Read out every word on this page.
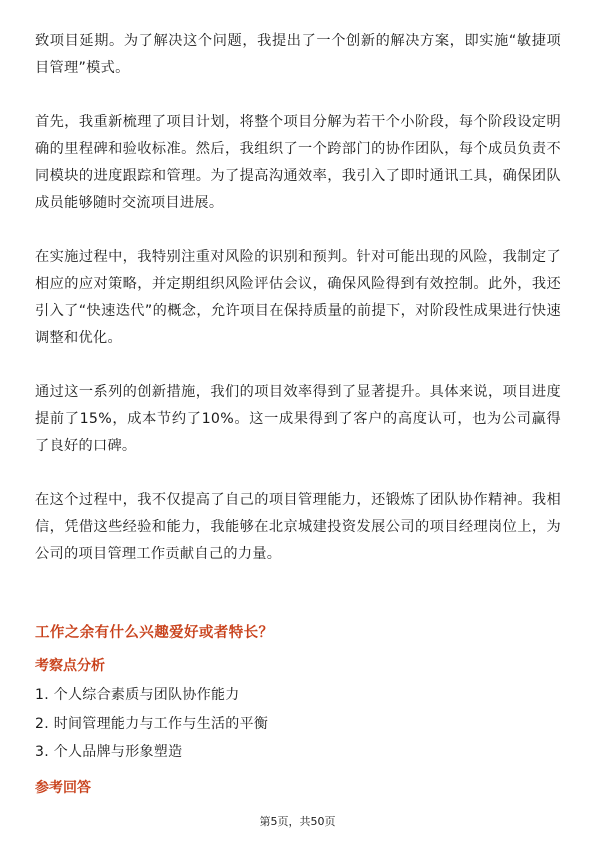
致项目延期。为了解决这个问题，我提出了一个创新的解决方案，即实施“敏捷项目管理”模式。

首先，我重新梳理了项目计划，将整个项目分解为若干个小阶段，每个阶段设定明确的里程碑和验收标准。然后，我组织了一个跨部门的协作团队，每个成员负责不同模块的进度跟踪和管理。为了提高沟通效率，我引入了即时通讯工具，确保团队成员能够随时交流项目进展。

在实施过程中，我特别注重对风险的识别和预判。针对可能出现的风险，我制定了相应的应对策略，并定期组织风险评估会议，确保风险得到有效控制。此外，我还引入了“快速迭代”的概念，允许项目在保持质量的前提下，对阶段性成果进行快速调整和优化。

通过这一系列的创新措施，我们的项目效率得到了显著提升。具体来说，项目进度提前了15%，成本节约了10%。这一成果得到了客户的高度认可，也为公司赢得了良好的口碑。

在这个过程中，我不仅提高了自己的项目管理能力，还锻炼了团队协作精神。我相信，凭借这些经验和能力，我能够在北京城建投资发展公司的项目经理岗位上，为公司的项目管理工作贡献自己的力量。

工作之余有什么兴趣爱好或者特长？
考察点分析
1. 个人综合素质与团队协作能力
2. 时间管理能力与工作与生活的平衡
3. 个人品牌与形象塑造
参考回答
第5页，共50页
